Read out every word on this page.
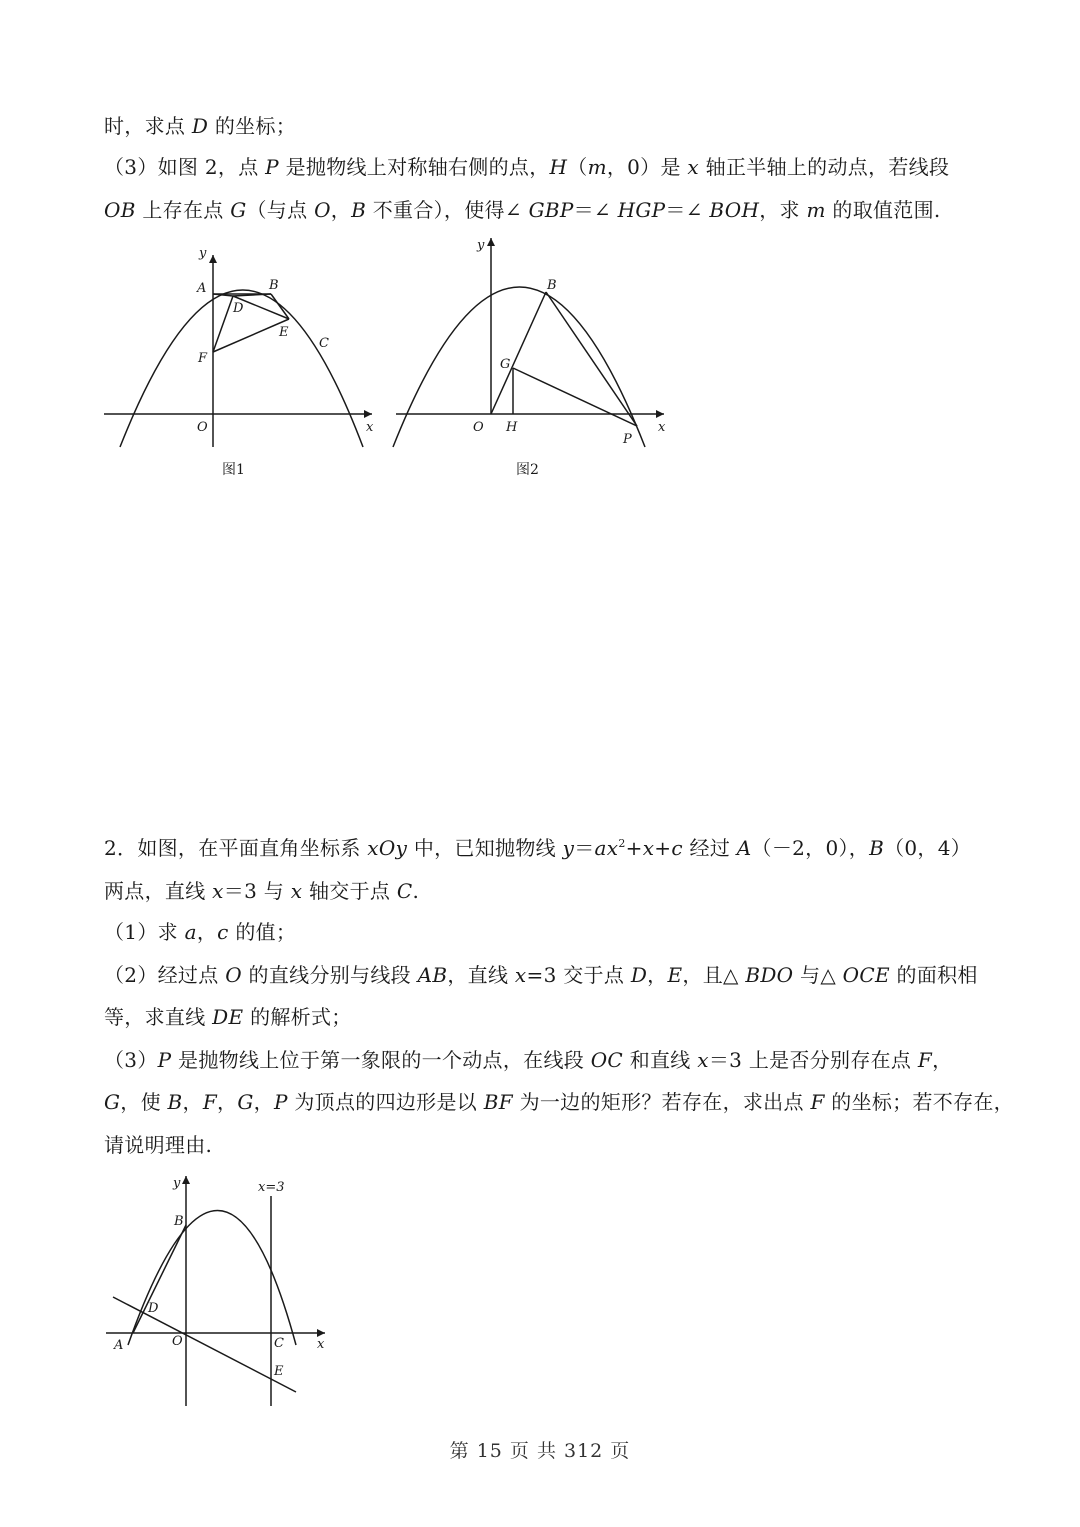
时，求点 D 的坐标；
（3）如图 2，点 P 是抛物线上对称轴右侧的点，H（m，0）是 x 轴正半轴上的动点，若线段
OB 上存在点 G（与点 O，B 不重合），使得∠ GBP＝∠ HGP＝∠ BOH，求 m 的取值范围.
y
x
O
A	B
D
E
C
F
图1
y
x
O
B
G
H
P
图2
2．如图，在平面直角坐标系 xOy 中，已知抛物线 $y=ax^2+x+c$ 经过 A（－2，0），B（0，4）
两点，直线 x＝3 与 x 轴交于点 C.
（1）求 a，c 的值；
（2）经过点 O 的直线分别与线段 AB，直线 x=3 交于点 D，E，且△ BDO 与△ OCE 的面积相
等，求直线 DE 的解析式；
（3）P 是抛物线上位于第一象限的一个动点，在线段 OC 和直线 x＝3 上是否分别存在点 F，
G，使 B，F，G，P 为顶点的四边形是以 BF 为一边的矩形？若存在，求出点 F 的坐标；若不存在，
请说明理由.
y	x=3
B
D
A	O	C
E
x
第 15 页 共 312 页
